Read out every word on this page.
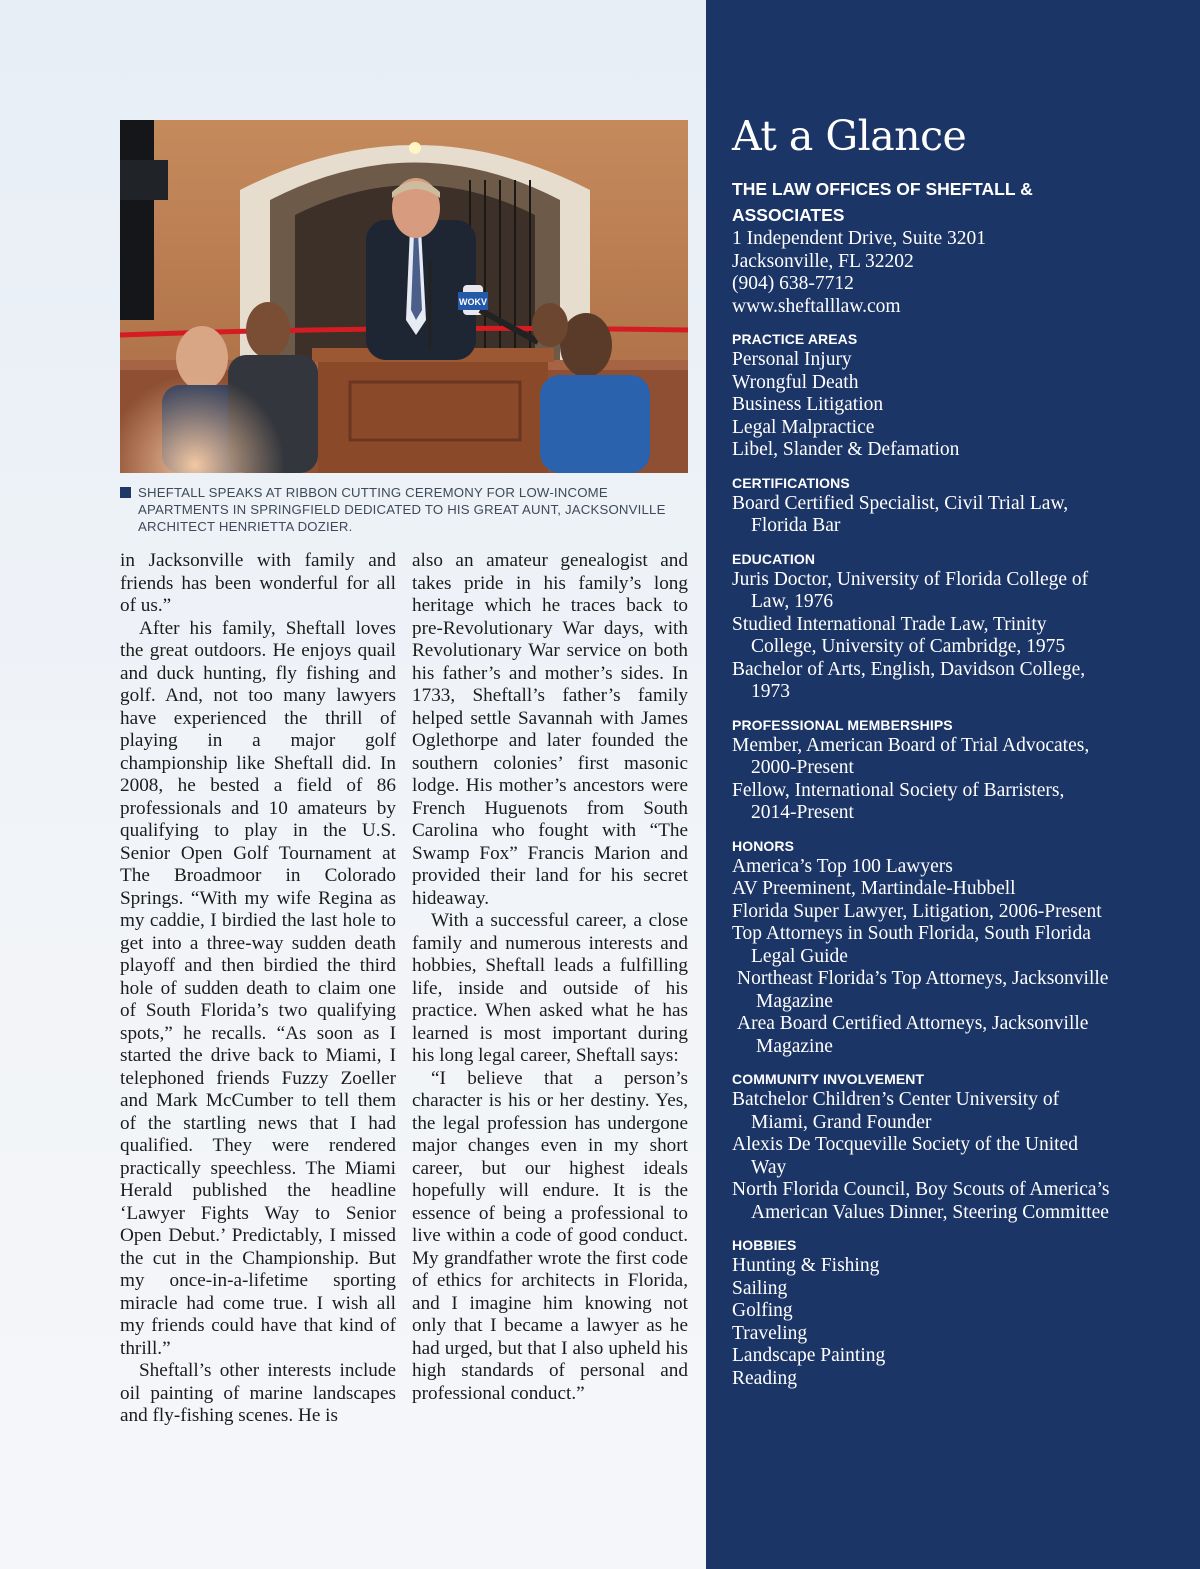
WOKV
SHEFTALL SPEAKS AT RIBBON CUTTING CEREMONY FOR LOW-INCOME APARTMENTS IN SPRINGFIELD DEDICATED TO HIS GREAT AUNT, JACKSONVILLE ARCHITECT HENRIETTA DOZIER.

in Jacksonville with family and friends has been wonderful for all of us.”

After his family, Sheftall loves the great outdoors. He enjoys quail and duck hunting, fly fishing and golf. And, not too many lawyers have experienced the thrill of playing in a major golf championship like Sheftall did. In 2008, he bested a field of 86 professionals and 10 amateurs by qualifying to play in the U.S. Senior Open Golf Tournament at The Broadmoor in Colorado Springs. “With my wife Regina as my caddie, I birdied the last hole to get into a three-way sudden death playoff and then birdied the third hole of sudden death to claim one of South Florida’s two qualifying spots,” he recalls. “As soon as I started the drive back to Miami, I telephoned friends Fuzzy Zoeller and Mark McCumber to tell them of the startling news that I had qualified. They were rendered practically speechless. The Miami Herald published the headline ‘Lawyer Fights Way to Senior Open Debut.’ Predictably, I missed the cut in the Championship. But my once-in-a-lifetime sporting miracle had come true. I wish all my friends could have that kind of thrill.”

Sheftall’s other interests include oil painting of marine landscapes and fly-fishing scenes. He is

also an amateur genealogist and takes pride in his family’s long heritage which he traces back to pre-Revolutionary War days, with Revolutionary War service on both his father’s and mother’s sides. In 1733, Sheftall’s father’s family helped settle Savannah with James Oglethorpe and later founded the southern colonies’ first masonic lodge. His mother’s ancestors were French Huguenots from South Carolina who fought with “The Swamp Fox” Francis Marion and provided their land for his secret hideaway.

With a successful career, a close family and numerous interests and hobbies, Sheftall leads a fulfilling life, inside and outside of his practice. When asked what he has learned is most important during his long legal career, Sheftall says:

“I believe that a person’s character is his or her destiny. Yes, the legal profession has undergone major changes even in my short career, but our highest ideals hopefully will endure. It is the essence of being a professional to live within a code of good conduct. My grandfather wrote the first code of ethics for architects in Florida, and I imagine him knowing not only that I became a lawyer as he had urged, but that I also upheld his high standards of personal and professional conduct.”

At a Glance
THE LAW OFFICES OF SHEFTALL & ASSOCIATES
1 Independent Drive, Suite 3201
Jacksonville, FL 32202
(904) 638-7712
www.sheftalllaw.com
PRACTICE AREAS
Personal Injury
Wrongful Death
Business Litigation
Legal Malpractice
Libel, Slander & Defamation
CERTIFICATIONS
Board Certified Specialist, Civil Trial Law, Florida Bar
EDUCATION
Juris Doctor, University of Florida College of Law, 1976
Studied International Trade Law, Trinity College, University of Cambridge, 1975
Bachelor of Arts, English, Davidson College, 1973
PROFESSIONAL MEMBERSHIPS
Member, American Board of Trial Advocates, 2000-Present
Fellow, International Society of Barristers, 2014-Present
HONORS
America’s Top 100 Lawyers
AV Preeminent, Martindale-Hubbell
Florida Super Lawyer, Litigation, 2006-Present
Top Attorneys in South Florida, South Florida Legal Guide
Northeast Florida’s Top Attorneys, Jacksonville Magazine
Area Board Certified Attorneys, Jacksonville Magazine
COMMUNITY INVOLVEMENT
Batchelor Children’s Center University of Miami, Grand Founder
Alexis De Tocqueville Society of the United Way
North Florida Council, Boy Scouts of America’s American Values Dinner, Steering Committee
HOBBIES
Hunting & Fishing
Sailing
Golfing
Traveling
Landscape Painting
Reading
